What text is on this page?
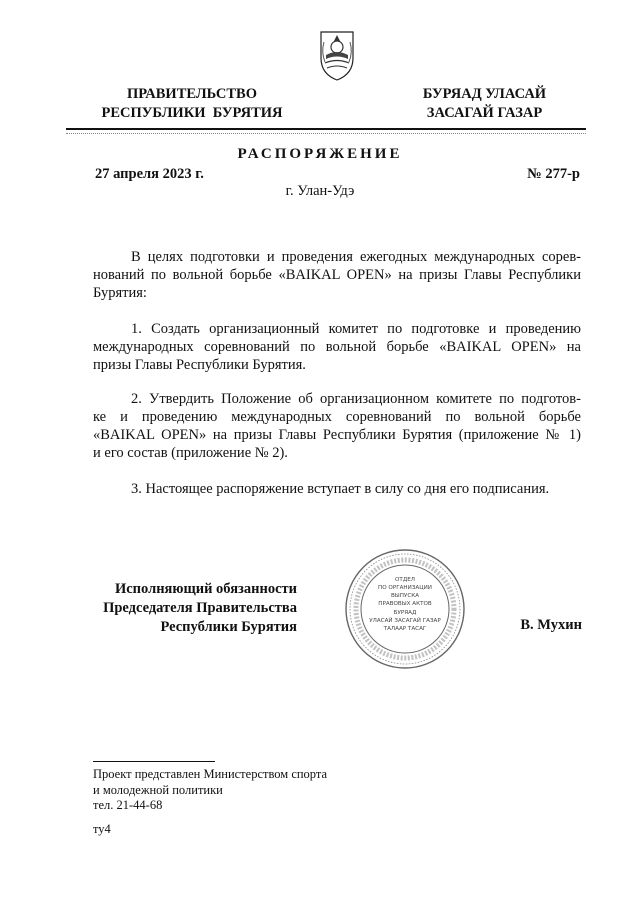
ПРАВИТЕЛЬСТВО
РЕСПУБЛИКИ  БУРЯТИЯ
БУРЯАД УЛАСАЙ
ЗАСАГАЙ ГАЗАР
РАСПОРЯЖЕНИЕ
27 апреля 2023 г.	№ 277-р
г. Улан-Удэ
В целях подготовки и проведения ежегодных международных сорев-
нований по вольной борьбе «BAIKAL OPEN» на призы Главы Республики
Бурятия:
1. Создать организационный комитет по подготовке и проведению
международных соревнований по вольной борьбе «BAIKAL OPEN» на
призы Главы Республики Бурятия.
2. Утвердить Положение об организационном комитете по подготов-
ке и проведению международных соревнований по вольной борьбе
«BAIKAL OPEN» на призы Главы Республики Бурятия (приложение № 1)
и его состав (приложение № 2).
3. Настоящее распоряжение вступает в силу со дня его подписания.
Исполняющий обязанности
Председателя Правительства
Республики Бурятия
ОТДЕЛ
ПО ОРГАНИЗАЦИИ
ВЫПУСКА
ПРАВОВЫХ АКТОВ
БУРЯАД
УЛАСАЙ ЗАСАГАЙ ГАЗАР
ТАЛААР ТАСАГ	В. Мухин
Проект представлен Министерством спорта
и молодежной политики
тел. 21-44-68
ту4
